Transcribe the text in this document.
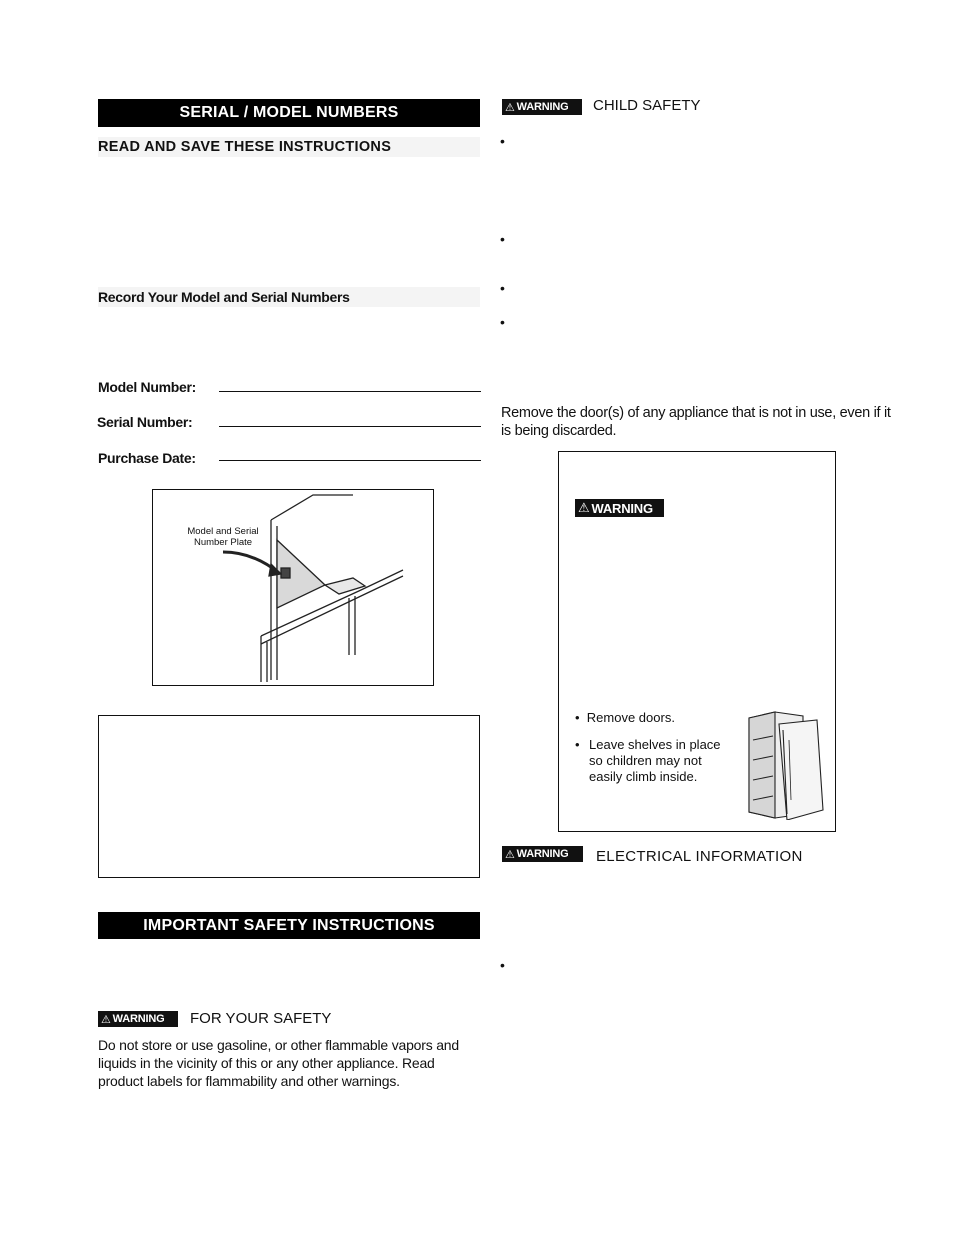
SERIAL / MODEL NUMBERS
READ AND SAVE THESE INSTRUCTIONS
Record Your Model and Serial Numbers
Model Number:
Serial Number:
Purchase Date:
Model and Serial Number Plate
IMPORTANT SAFETY INSTRUCTIONS
⚠ WARNING FOR YOUR SAFETY
Do not store or use gasoline, or other flammable vapors and liquids in the vicinity of this or any other appliance. Read product labels for flammability and other warnings.
⚠ WARNING CHILD SAFETY
•
•
•
•
Remove the door(s) of any appliance that is not in use, even if it is being discarded.
⚠ WARNING
•  Remove doors.
• Leave shelves in place so children may not easily climb inside.
⚠ WARNING ELECTRICAL INFORMATION
•
